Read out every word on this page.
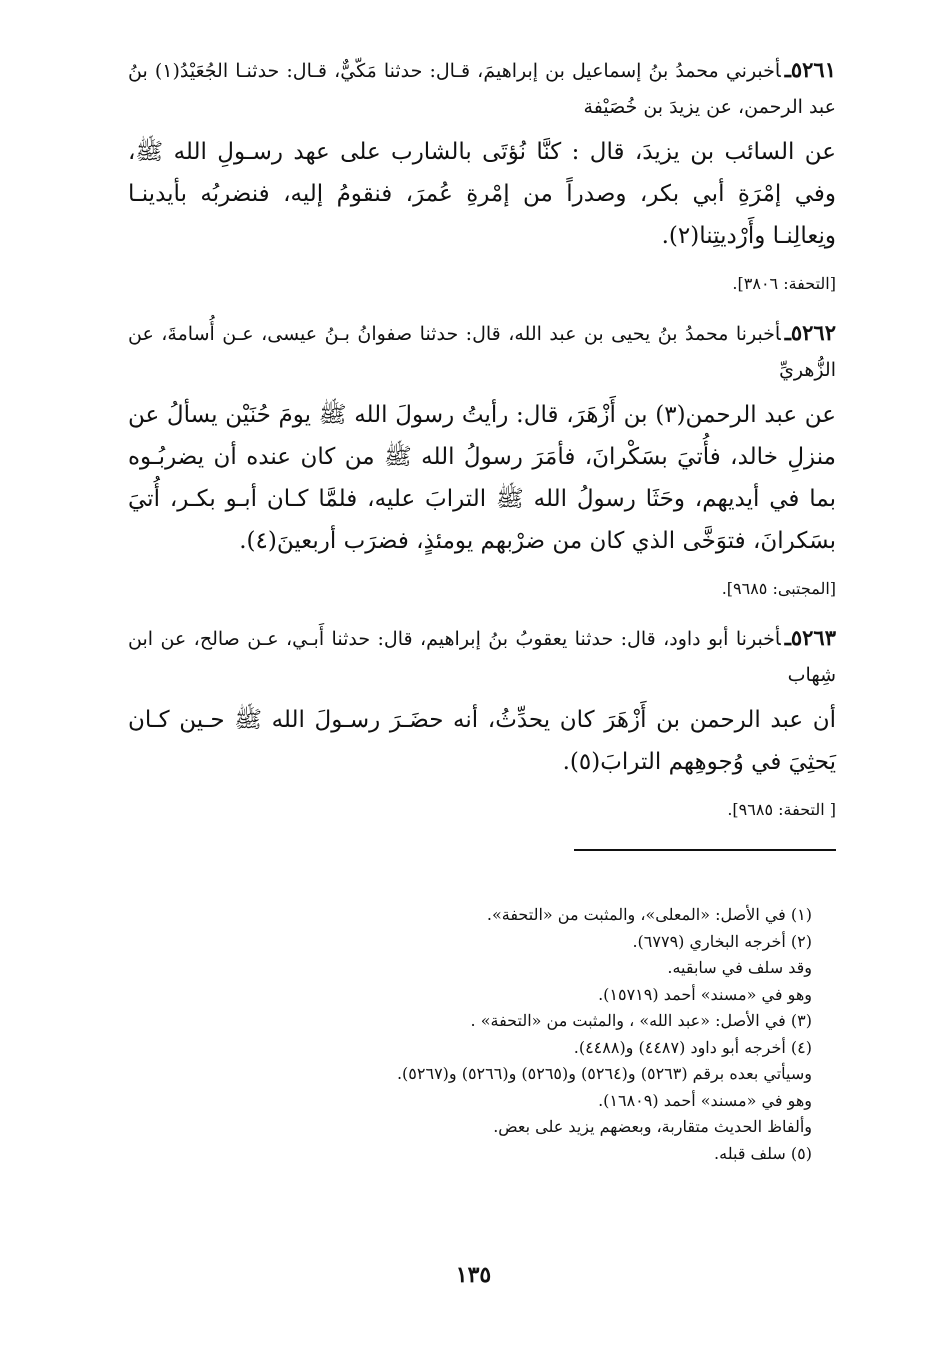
٥٢٦١ـأخبرني محمدُ بنُ إسماعيل بن إبراهيمَ، قـال: حدثنا مَكّيٌّ، قـال: حدثنـا الجُعَيْدُ(١) بنُ عبد الرحمن، عن يزيدَ بن خُصَيْفة

عن السائب بن يزيدَ، قال : كنَّا نُؤتَى بالشارب على عهد رسـولِ الله ﷺ، وفي إمْرَةِ أبي بكر، وصدراً من إمْرةِ عُمرَ، فنقومُ إليه، فنضربُه بأيدينـا ونِعالِنـا وأَرْديتِنا(٢).

[التحفة: ٣٨٠٦].

٥٢٦٢ـأخبرنا محمدُ بنُ يحيى بن عبد الله، قال: حدثنا صفوانُ بـنُ عيسى، عـن أُسامةَ، عن الزُّهريِّ

عن عبد الرحمن(٣) بن أَزْهَرَ، قال: رأيتُ رسولَ الله ﷺ يومَ حُنَيْن يسألُ عن منزلِ خالد، فأُتيَ بسَكْرانَ، فأمَرَ رسولُ الله ﷺ من كان عنده أن يضربُـوه بما في أيديهم، وحَثَا رسولُ الله ﷺ الترابَ عليه، فلمَّا كـان أبـو بكـر، أُتيَ بسَكرانَ، فتوَخَّى الذي كان من ضرْبهم يومئذٍ، فضرَب أربعينَ(٤).

[المجتبى: ٩٦٨٥].

٥٢٦٣ـأخبرنا أبو داود، قال: حدثنا يعقوبُ بنُ إبراهيم، قال: حدثنا أَبـي، عـن صالح، عن ابن شِهاب

أن عبد الرحمن بن أَزْهَرَ كان يحدِّثُ، أنه حضَـرَ رسـولَ الله ﷺ حـين كـان يَحثِيَ في وُجوهِهم الترابَ(٥).

[ التحفة: ٩٦٨٥].

(١) في الأصل: «المعلى»، والمثبت من «التحفة».

(٢) أخرجه البخاري (٦٧٧٩).

وقد سلف في سابقيه.

وهو في «مسند» أحمد (١٥٧١٩).

(٣) في الأصل: «عبد الله» ، والمثبت من «التحفة» .

(٤) أخرجه أبو داود (٤٤٨٧) و(٤٤٨٨).

وسيأتي بعده برقم (٥٢٦٣) و(٥٢٦٤) و(٥٢٦٥) و(٥٢٦٦) و(٥٢٦٧).

وهو في «مسند» أحمد (١٦٨٠٩).

وألفاظ الحديث متقاربة، وبعضهم يزيد على بعض.

(٥) سلف قبله.

١٣٥
